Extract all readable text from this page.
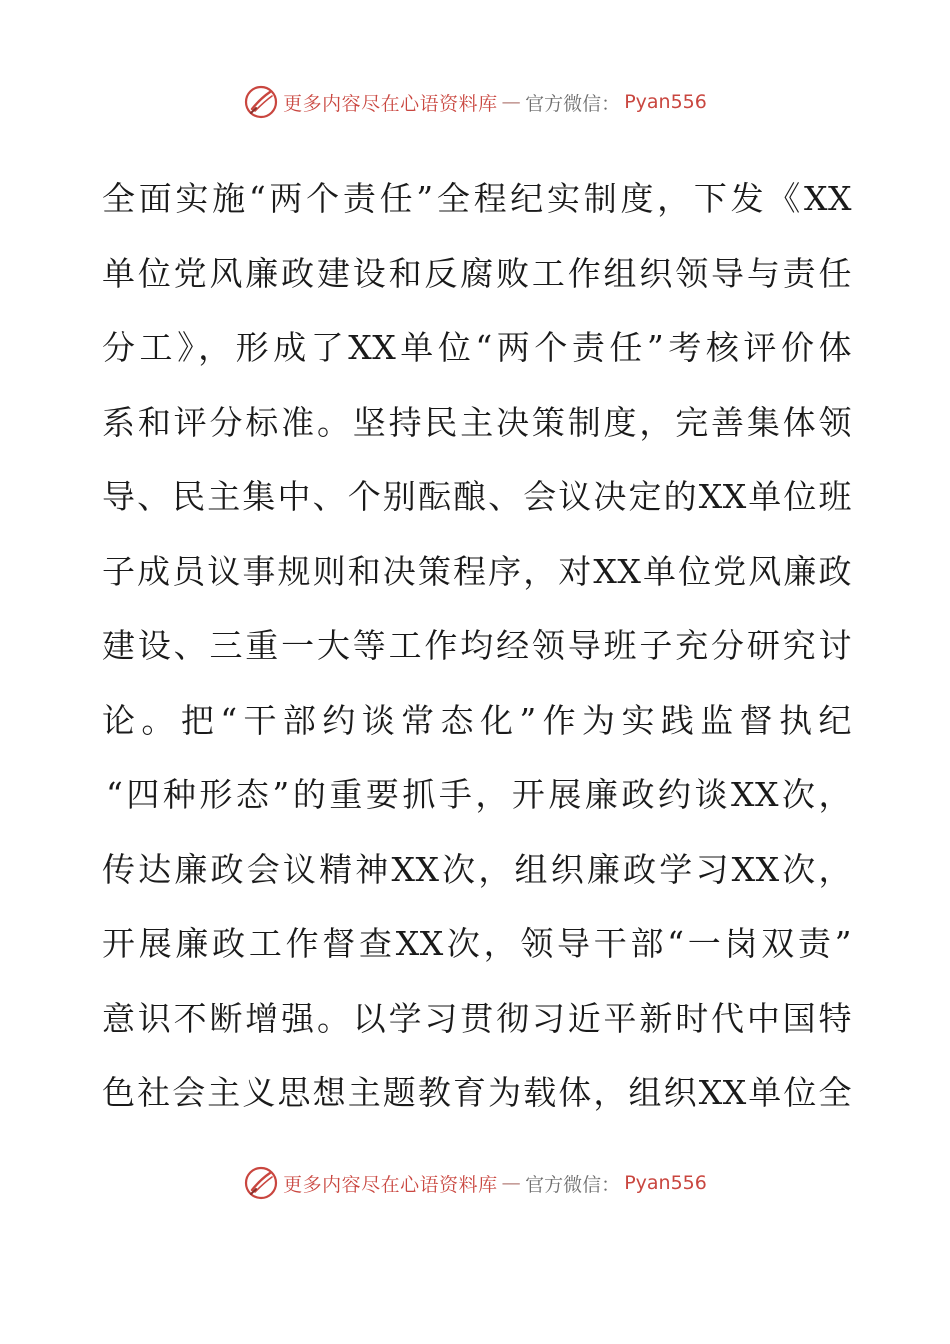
更多内容尽在心语资料库 — 官方微信： Pyan556
全面实施“两个责任”全程纪实制度，下发《XX
单位党风廉政建设和反腐败工作组织领导与责任
分工》，形成了XX单位“两个责任”考核评价体
系和评分标准。坚持民主决策制度，完善集体领
导、民主集中、个别酝酿、会议决定的XX单位班
子成员议事规则和决策程序，对XX单位党风廉政
建设、三重一大等工作均经领导班子充分研究讨
论。把“干部约谈常态化”作为实践监督执纪
“四种形态”的重要抓手，开展廉政约谈XX次，
传达廉政会议精神XX次，组织廉政学习XX次，
开展廉政工作督查XX次，领导干部“一岗双责”
意识不断增强。以学习贯彻习近平新时代中国特
色社会主义思想主题教育为载体，组织XX单位全
更多内容尽在心语资料库 — 官方微信： Pyan556
